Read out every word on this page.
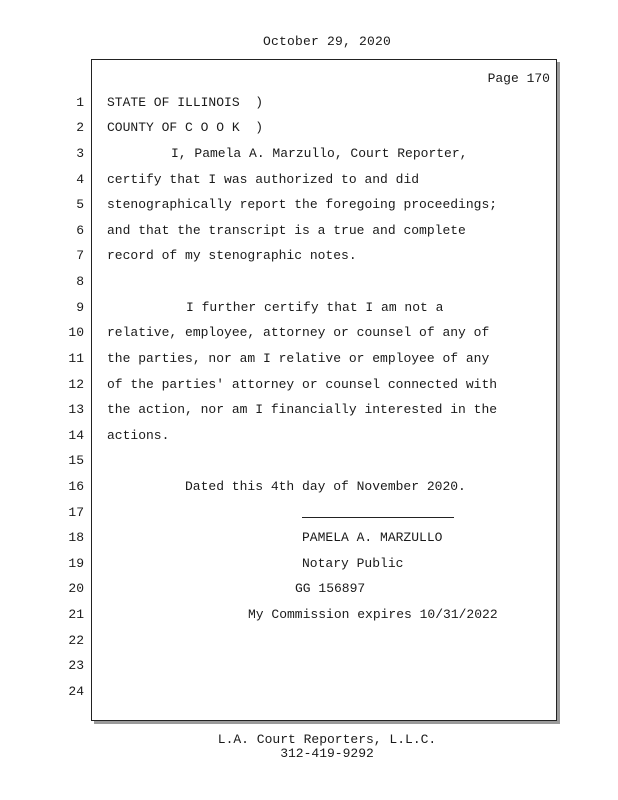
October 29, 2020
Page 170
1
2
3
4
5
6
7
8
9
10
11
12
13
14
15
16
17
18
19
20
21
22
23
24
STATE OF ILLINOIS  )
COUNTY OF C O O K  )
I, Pamela A. Marzullo, Court Reporter,
certify that I was authorized to and did
stenographically report the foregoing proceedings;
and that the transcript is a true and complete
record of my stenographic notes.
I further certify that I am not a
relative, employee, attorney or counsel of any of
the parties, nor am I relative or employee of any
of the parties' attorney or counsel connected with
the action, nor am I financially interested in the
actions.
Dated this 4th day of November 2020.
PAMELA A. MARZULLO
Notary Public
GG 156897
My Commission expires 10/31/2022
L.A. Court Reporters, L.L.C.
312-419-9292
